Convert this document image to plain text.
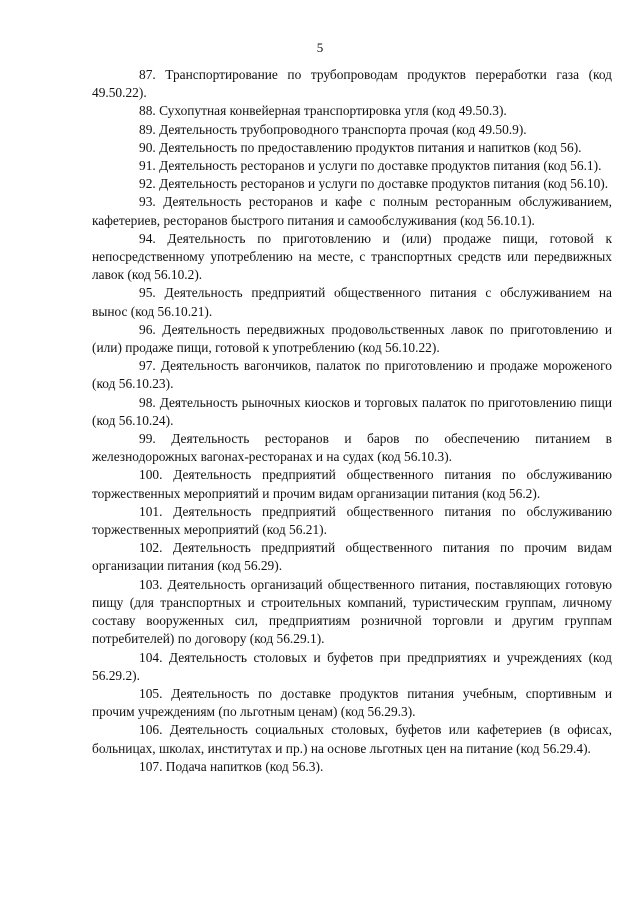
5

87. Транспортирование по трубопроводам продуктов переработки газа (код 49.50.22).

88. Сухопутная конвейерная транспортировка угля (код 49.50.3).

89. Деятельность трубопроводного транспорта прочая (код 49.50.9).

90. Деятельность по предоставлению продуктов питания и напитков (код 56).

91. Деятельность ресторанов и услуги по доставке продуктов питания (код 56.1).

92. Деятельность ресторанов и услуги по доставке продуктов питания (код 56.10).

93. Деятельность ресторанов и кафе с полным ресторанным обслуживанием, кафетериев, ресторанов быстрого питания и самообслуживания (код 56.10.1).

94. Деятельность по приготовлению и (или) продаже пищи, готовой к непосредственному употреблению на месте, с транспортных средств или передвижных лавок (код 56.10.2).

95. Деятельность предприятий общественного питания с обслуживанием на вынос (код 56.10.21).

96. Деятельность передвижных продовольственных лавок по приготовлению и (или) продаже пищи, готовой к употреблению (код 56.10.22).

97. Деятельность вагончиков, палаток по приготовлению и продаже мороженого (код 56.10.23).

98. Деятельность рыночных киосков и торговых палаток по приготовлению пищи (код 56.10.24).

99. Деятельность ресторанов и баров по обеспечению питанием в железнодорожных вагонах-ресторанах и на судах (код 56.10.3).

100. Деятельность предприятий общественного питания по обслуживанию торжественных мероприятий и прочим видам организации питания (код 56.2).

101. Деятельность предприятий общественного питания по обслуживанию торжественных мероприятий (код 56.21).

102. Деятельность предприятий общественного питания по прочим видам организации питания (код 56.29).

103. Деятельность организаций общественного питания, поставляющих готовую пищу (для транспортных и строительных компаний, туристическим группам, личному составу вооруженных сил, предприятиям розничной торговли и другим группам потребителей) по договору (код 56.29.1).

104. Деятельность столовых и буфетов при предприятиях и учреждениях (код 56.29.2).

105. Деятельность по доставке продуктов питания учебным, спортивным и прочим учреждениям (по льготным ценам) (код 56.29.3).

106. Деятельность социальных столовых, буфетов или кафетериев (в офисах, больницах, школах, институтах и пр.) на основе льготных цен на питание (код 56.29.4).

107. Подача напитков (код 56.3).
